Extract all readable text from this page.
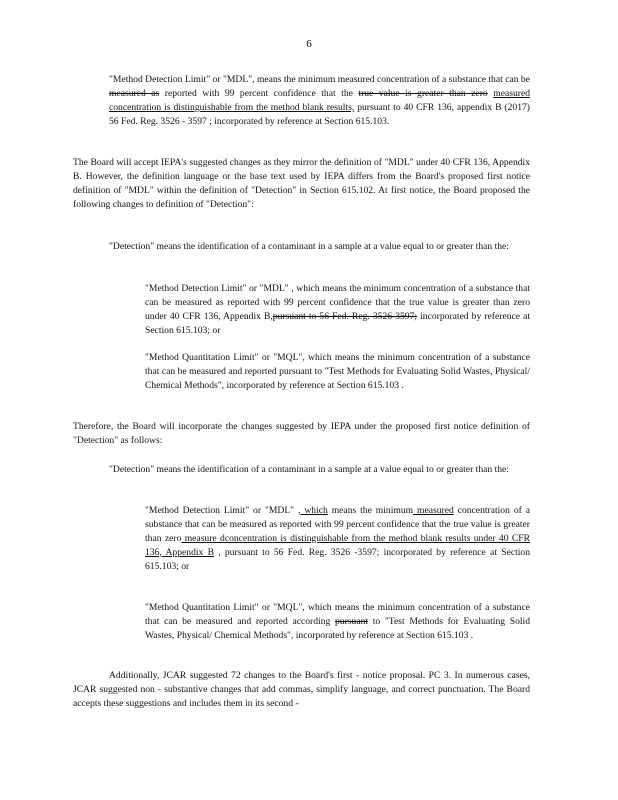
6

"Method Detection Limit" or "MDL", means the minimum measured concentration of a substance that can be measured as reported with 99 percent confidence that the true value is greater than zero measured concentration is distinguishable from the method blank results, pursuant to 40 CFR 136, appendix B (2017) 56 Fed. Reg. 3526 - 3597 ; incorporated by reference at Section 615.103.

The Board will accept IEPA's suggested changes as they mirror the definition of "MDL" under 40 CFR 136, Appendix B. However, the definition language or the base text used by IEPA differs from the Board's proposed first notice definition of "MDL" within the definition of "Detection" in Section 615.102. At first notice, the Board proposed the following changes to definition of "Detection":

"Detection" means the identification of a contaminant in a sample at a value equal to or greater than the:

"Method Detection Limit" or "MDL" , which means the minimum concentration of a substance that can be measured as reported with 99 percent confidence that the true value is greater than zero under 40 CFR 136, Appendix B,pursuant to 56 Fed. Reg. 3526-3597; incorporated by reference at Section 615.103; or

"Method Quantitation Limit" or "MQL", which means the minimum concentration of a substance that can be measured and reported pursuant to "Test Methods for Evaluating Solid Wastes, Physical/ Chemical Methods", incorporated by reference at Section 615.103 .

Therefore, the Board will incorporate the changes suggested by IEPA under the proposed first notice definition of "Detection" as follows:

"Detection" means the identification of a contaminant in a sample at a value equal to or greater than the:

"Method Detection Limit" or "MDL" , which means the minimum measured concentration of a substance that can be measured as reported with 99 percent confidence that the true value is greater than zero measure dconcentration is distinguishable from the method blank results under 40 CFR 136, Appendix B , pursuant to 56 Fed. Reg. 3526 -3597; incorporated by reference at Section 615.103; or

"Method Quantitation Limit" or "MQL", which means the minimum concentration of a substance that can be measured and reported according pursuant to "Test Methods for Evaluating Solid Wastes, Physical/ Chemical Methods", incorporated by reference at Section 615.103 .

Additionally, JCAR suggested 72 changes to the Board's first - notice proposal. PC 3. In numerous cases, JCAR suggested non - substantive changes that add commas, simplify language, and correct punctuation. The Board accepts these suggestions and includes them in its second -
